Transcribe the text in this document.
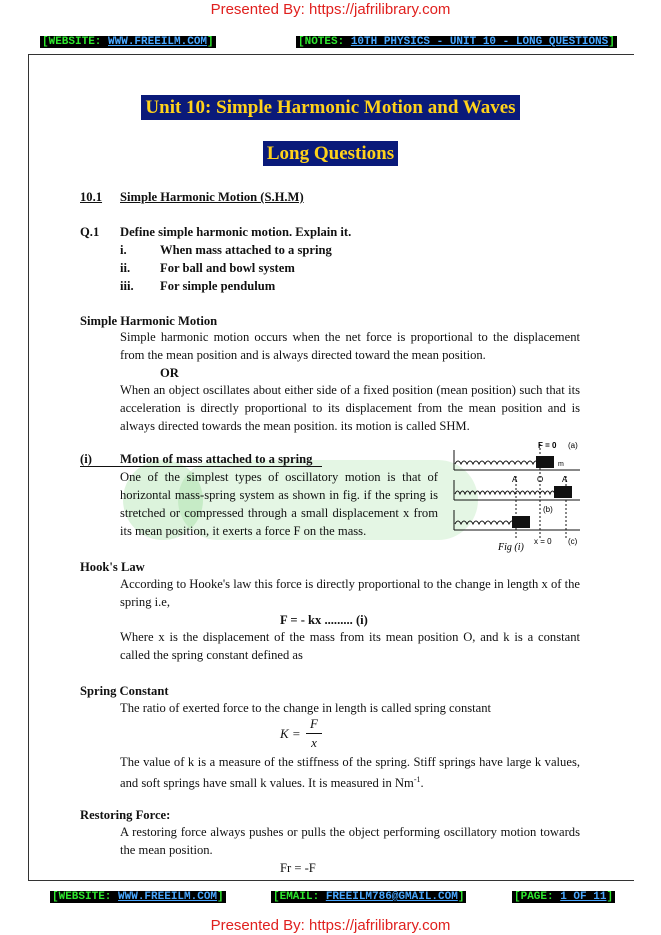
Presented By: https://jafrilibrary.com
[WEBSITE: WWW.FREEILM.COM]	[NOTES: 10TH PHYSICS - UNIT 10 - LONG QUESTIONS]
Unit 10: Simple Harmonic Motion and Waves
Long Questions
10.1 Simple Harmonic Motion (S.H.M)
Q.1 Define simple harmonic motion. Explain it.
i.	When mass attached to a spring
ii. For ball and bowl system
iii. For simple pendulum
Simple Harmonic Motion
Simple harmonic motion occurs when the net force is proportional to the displacement from the mean position and is always directed toward the mean position.
OR
When an object oscillates about either side of a fixed position (mean position) such that its acceleration is directly proportional to its displacement from the mean position and is always directed towards the mean position. its motion is called SHM.
(i) Motion of mass attached to a spring
One of the simplest types of oscillatory motion is that of horizontal mass-spring system as shown in fig. if the spring is stretched or compressed through a small displacement x from its mean position, it exerts a force F on the mass.
F = 0 (a)
m
A O A
(b)
(c)
x = 0
Fig (i)
Hook's Law
According to Hooke's law this force is directly proportional to the change in length x of the spring i.e,
F = - kx ......... (i)
Where x is the displacement of the mass from its mean position O, and k is a constant called the spring constant defined as
Spring Constant
The ratio of exerted force to the change in length is called spring constant
K =
F
x
The value of k is a measure of the stiffness of the spring. Stiff springs have large k values, and soft springs have small k values. It is measured in $Nm^{-1}$.
Restoring Force:
A restoring force always pushes or pulls the object performing oscillatory motion towards the mean position.
Fr = -F
[WEBSITE: WWW.FREEILM.COM]	[EMAIL: FREEILM786@GMAIL.COM]	[PAGE: 1 OF 11]
Presented By: https://jafrilibrary.com
